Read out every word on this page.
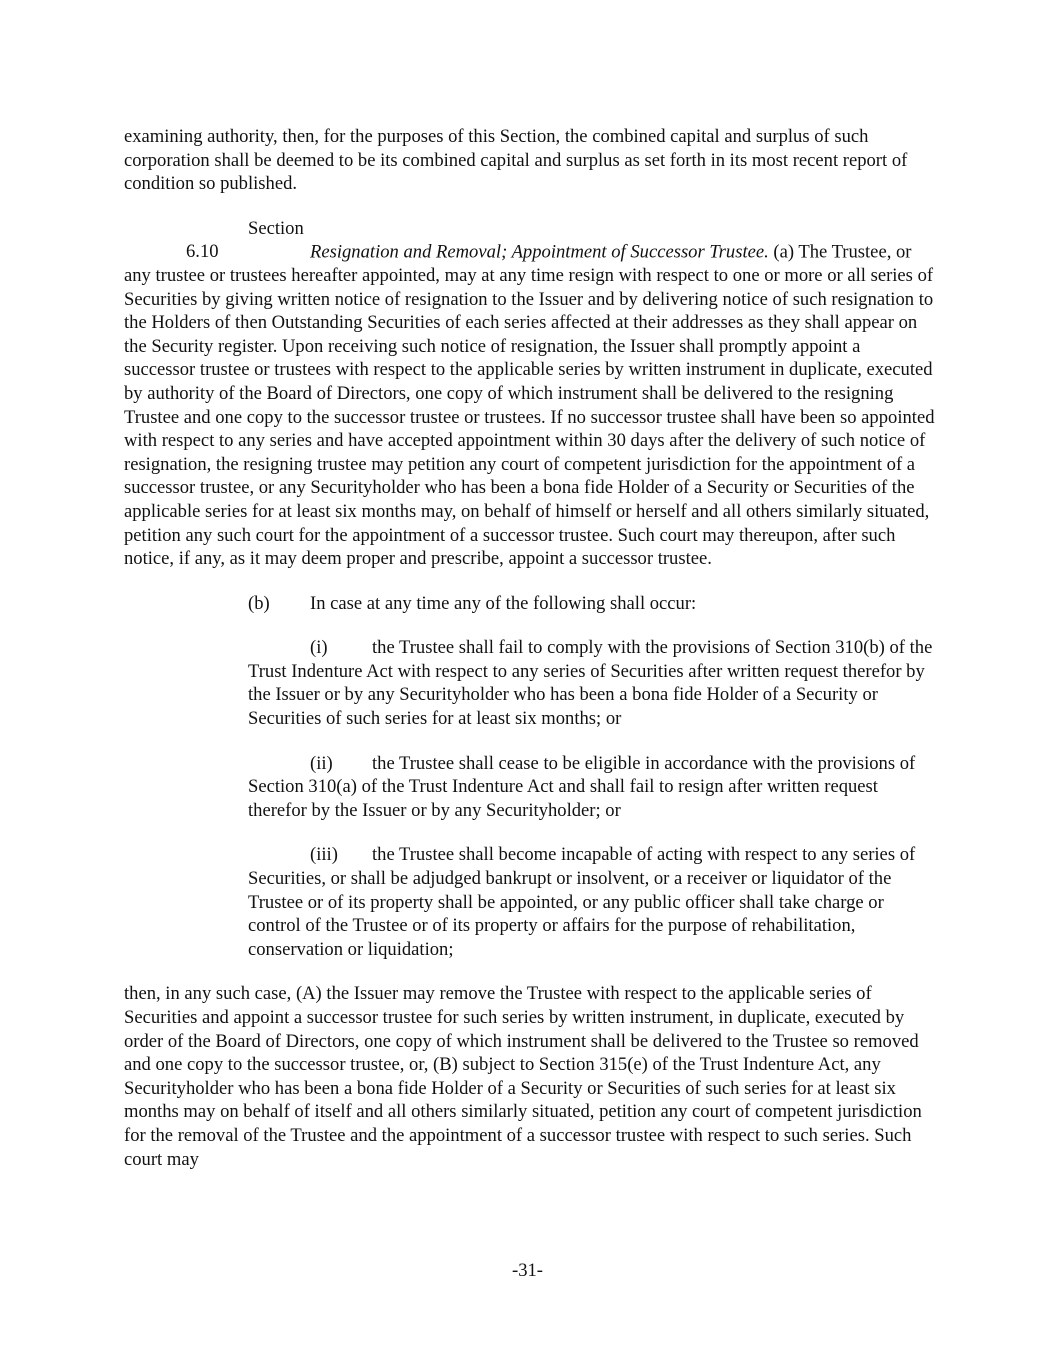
examining authority, then, for the purposes of this Section, the combined capital and surplus of such corporation shall be deemed to be its combined capital and surplus as set forth in its most recent report of condition so published.

Section 6.10	Resignation and Removal; Appointment of Successor Trustee. (a) The Trustee, or any trustee or trustees hereafter appointed, may at any time resign with respect to one or more or all series of Securities by giving written notice of resignation to the Issuer and by delivering notice of such resignation to the Holders of then Outstanding Securities of each series affected at their addresses as they shall appear on the Security register. Upon receiving such notice of resignation, the Issuer shall promptly appoint a successor trustee or trustees with respect to the applicable series by written instrument in duplicate, executed by authority of the Board of Directors, one copy of which instrument shall be delivered to the resigning Trustee and one copy to the successor trustee or trustees. If no successor trustee shall have been so appointed with respect to any series and have accepted appointment within 30 days after the delivery of such notice of resignation, the resigning trustee may petition any court of competent jurisdiction for the appointment of a successor trustee, or any Securityholder who has been a bona fide Holder of a Security or Securities of the applicable series for at least six months may, on behalf of himself or herself and all others similarly situated, petition any such court for the appointment of a successor trustee. Such court may thereupon, after such notice, if any, as it may deem proper and prescribe, appoint a successor trustee.

(b) In case at any time any of the following shall occur:

(i) the Trustee shall fail to comply with the provisions of Section 310(b) of the Trust Indenture Act with respect to any series of Securities after written request therefor by the Issuer or by any Securityholder who has been a bona fide Holder of a Security or Securities of such series for at least six months; or

(ii) the Trustee shall cease to be eligible in accordance with the provisions of Section 310(a) of the Trust Indenture Act and shall fail to resign after written request therefor by the Issuer or by any Securityholder; or

(iii) the Trustee shall become incapable of acting with respect to any series of Securities, or shall be adjudged bankrupt or insolvent, or a receiver or liquidator of the Trustee or of its property shall be appointed, or any public officer shall take charge or control of the Trustee or of its property or affairs for the purpose of rehabilitation, conservation or liquidation;

then, in any such case, (A) the Issuer may remove the Trustee with respect to the applicable series of Securities and appoint a successor trustee for such series by written instrument, in duplicate, executed by order of the Board of Directors, one copy of which instrument shall be delivered to the Trustee so removed and one copy to the successor trustee, or, (B) subject to Section 315(e) of the Trust Indenture Act, any Securityholder who has been a bona fide Holder of a Security or Securities of such series for at least six months may on behalf of itself and all others similarly situated, petition any court of competent jurisdiction for the removal of the Trustee and the appointment of a successor trustee with respect to such series. Such court may

-31-
